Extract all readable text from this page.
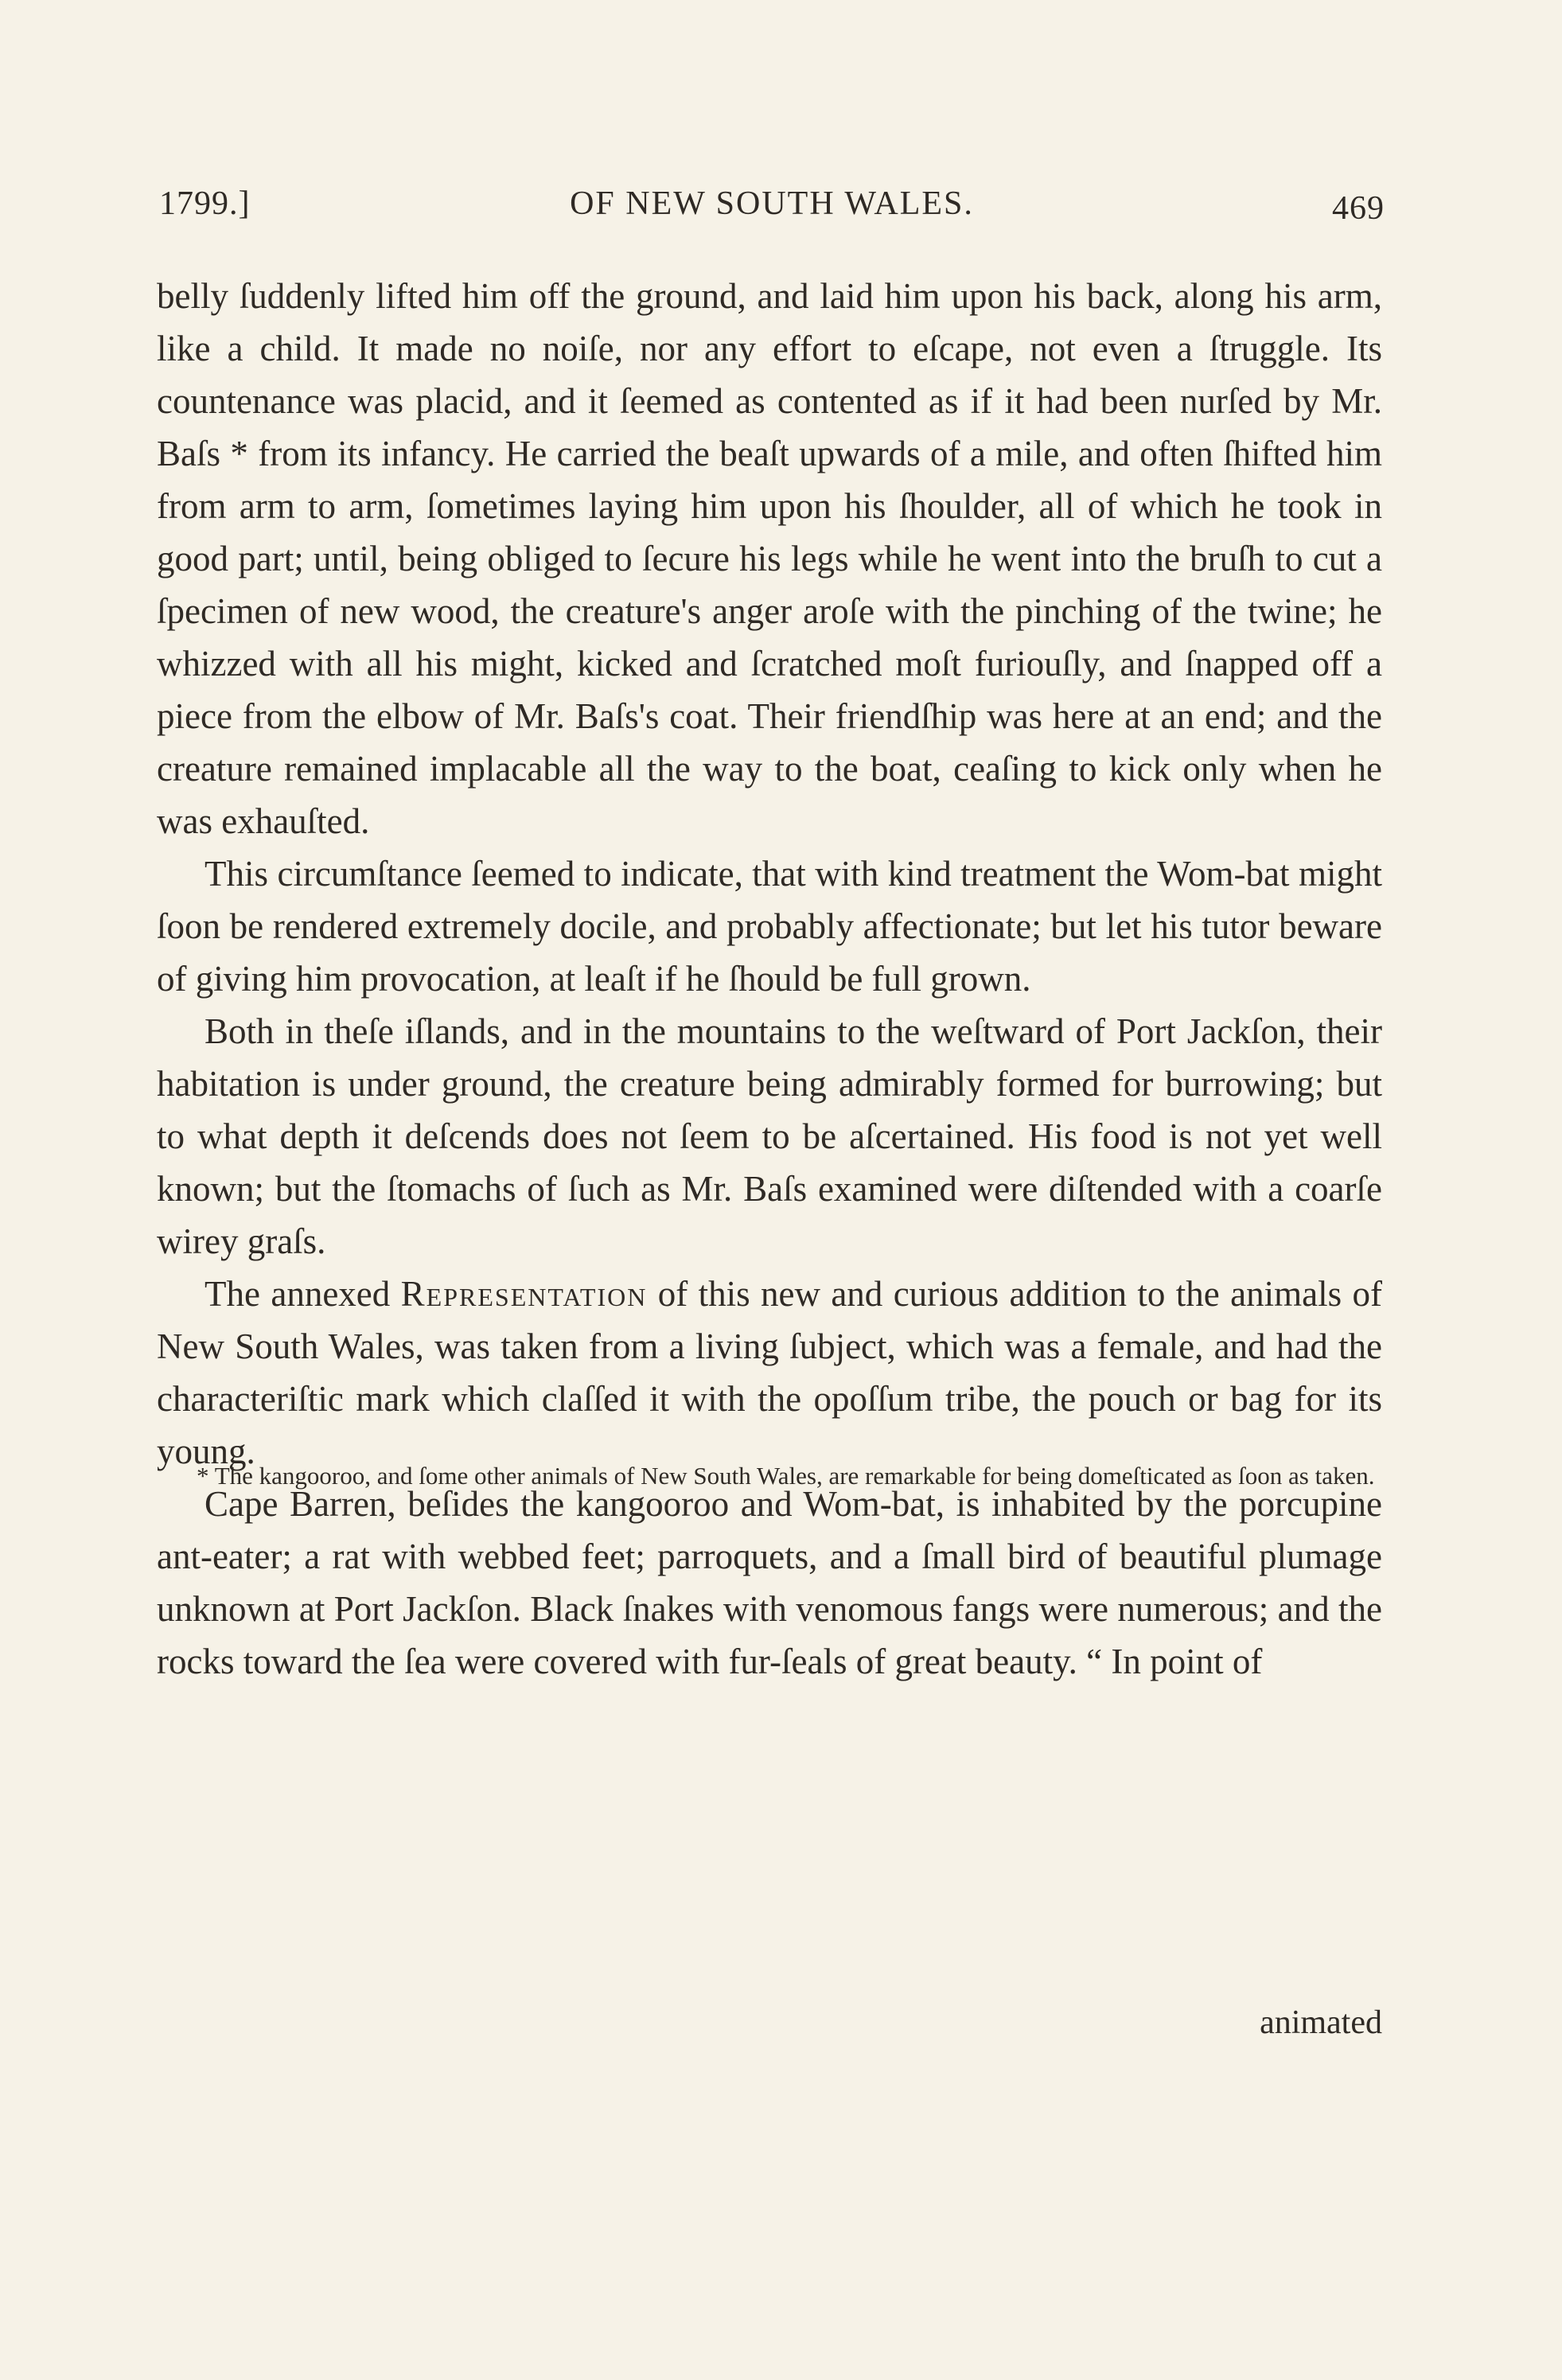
1799.]	OF NEW SOUTH WALES.	469

belly ſuddenly lifted him off the ground, and laid him upon his back, along his arm, like a child. It made no noiſe, nor any effort to eſcape, not even a ſtruggle. Its countenance was placid, and it ſeemed as contented as if it had been nurſed by Mr. Baſs * from its infancy. He carried the beaſt upwards of a mile, and often ſhifted him from arm to arm, ſometimes laying him upon his ſhoulder, all of which he took in good part; until, being obliged to ſecure his legs while he went into the bruſh to cut a ſpecimen of new wood, the creature's anger aroſe with the pinching of the twine; he whizzed with all his might, kicked and ſcratched moſt furiouſly, and ſnapped off a piece from the elbow of Mr. Baſs's coat. Their friendſhip was here at an end; and the creature remained implacable all the way to the boat, ceaſing to kick only when he was exhauſted.

This circumſtance ſeemed to indicate, that with kind treatment the Wom-bat might ſoon be rendered extremely docile, and probably affectionate; but let his tutor beware of giving him provocation, at leaſt if he ſhould be full grown.

Both in theſe iſlands, and in the mountains to the weſtward of Port Jackſon, their habitation is under ground, the creature being admirably formed for burrowing; but to what depth it deſcends does not ſeem to be aſcertained. His food is not yet well known; but the ſtomachs of ſuch as Mr. Baſs examined were diſtended with a coarſe wirey graſs.

The annexed Representation of this new and curious addition to the animals of New South Wales, was taken from a living ſubject, which was a female, and had the characteriſtic mark which claſſed it with the opoſſum tribe, the pouch or bag for its young.

Cape Barren, beſides the kangooroo and Wom-bat, is inhabited by the porcupine ant-eater; a rat with webbed feet; parroquets, and a ſmall bird of beautiful plumage unknown at Port Jackſon. Black ſnakes with venomous fangs were numerous; and the rocks toward the ſea were covered with fur-ſeals of great beauty. “ In point of

* The kangooroo, and ſome other animals of New South Wales, are remarkable for being domeſticated as ſoon as taken.

animated
